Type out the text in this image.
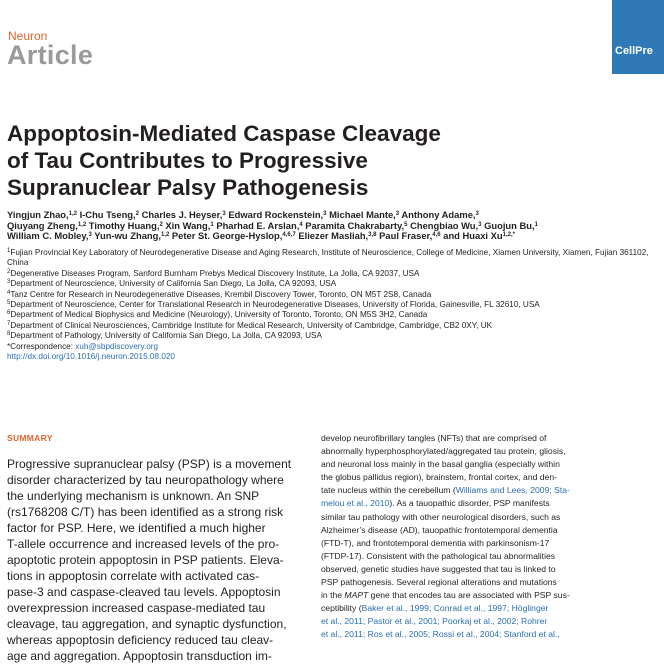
Neuron
Article	CellPre
Appoptosin-Mediated Caspase Cleavage
of Tau Contributes to Progressive
Supranuclear Palsy Pathogenesis
Yingjun Zhao,$^{1,2}$ I-Chu Tseng,$^2$ Charles J. Heyser,$^3$ Edward Rockenstein,$^3$ Michael Mante,$^3$ Anthony Adame,$^3$
Qiuyang Zheng,$^{1,2}$ Timothy Huang,$^2$ Xin Wang,$^1$ Pharhad E. Arslan,$^4$ Paramita Chakrabarty,$^5$ Chengbiao Wu,$^3$ Guojun Bu,$^1$
William C. Mobley,$^3$ Yun-wu Zhang,$^{1,2}$ Peter St. George-Hyslop,$^{4,6,7}$ Eliezer Masliah,$^{3,8}$ Paul Fraser,$^{4,6}$ and Huaxi $Xu^{1,2,*}$
$^1$Fujian Provincial Key Laboratory of Neurodegenerative Disease and Aging Research, Institute of Neuroscience, College of Medicine, Xiamen University, Xiamen, Fujian 361102, China
$^2$Degenerative Diseases Program, Sanford Burnham Prebys Medical Discovery Institute, La Jolla, CA 92037, USA
$^3$Department of Neuroscience, University of California San Diego, La Jolla, CA 92093, USA
$^4$Tanz Centre for Research in Neurodegenerative Diseases, Krembil Discovery Tower, Toronto, ON M5T 2S8, Canada
$^5$Department of Neuroscience, Center for Translational Research in Neurodegenerative Diseases, University of Florida, Gainesville, FL 32610, USA
$^6$Department of Medical Biophysics and Medicine (Neurology), University of Toronto, Toronto, ON M5S 3H2, Canada
$^7$Department of Clinical Neurosciences, Cambridge Institute for Medical Research, University of Cambridge, Cambridge, CB2 0XY, UK
$^8$Department of Pathology, University of California San Diego, La Jolla, CA 92093, USA
*Correspondence: xuh@sbpdiscovery.org
http://dx.doi.org/10.1016/j.neuron.2015.08.020
SUMMARY
Progressive supranuclear palsy (PSP) is a movement
disorder characterized by tau neuropathology where
the underlying mechanism is unknown. An SNP
(rs1768208 C/T) has been identified as a strong risk
factor for PSP. Here, we identified a much higher
T-allele occurrence and increased levels of the pro-
apoptotic protein appoptosin in PSP patients. Eleva-
tions in appoptosin correlate with activated cas-
pase-3 and caspase-cleaved tau levels. Appoptosin
overexpression increased caspase-mediated tau
cleavage, tau aggregation, and synaptic dysfunction,
whereas appoptosin deficiency reduced tau cleav-
age and aggregation. Appoptosin transduction im-
develop neurofibrillary tangles (NFTs) that are comprised of
abnormally hyperphosphorylated/aggregated tau protein, gliosis,
and neuronal loss mainly in the basal ganglia (especially within
the globus pallidus region), brainstem, frontal cortex, and den-
tate nucleus within the cerebellum (Williams and Lees, 2009; Sta-
melou et al., 2010). As a tauopathic disorder, PSP manifests
similar tau pathology with other neurological disorders, such as
Alzheimer’s disease (AD), tauopathic frontotemporal dementia
(FTD-T), and frontotemporal dementia with parkinsonism-17
(FTDP-17). Consistent with the pathological tau abnormalities
observed, genetic studies have suggested that tau is linked to
PSP pathogenesis. Several regional alterations and mutations
in the MAPT gene that encodes tau are associated with PSP sus-
ceptibility (Baker et al., 1999; Conrad et al., 1997; Höglinger
et al., 2011; Pastor et al., 2001; Poorkaj et al., 2002; Rohrer
et al., 2011; Ros et al., 2005; Rossi et al., 2004; Stanford et al.,
